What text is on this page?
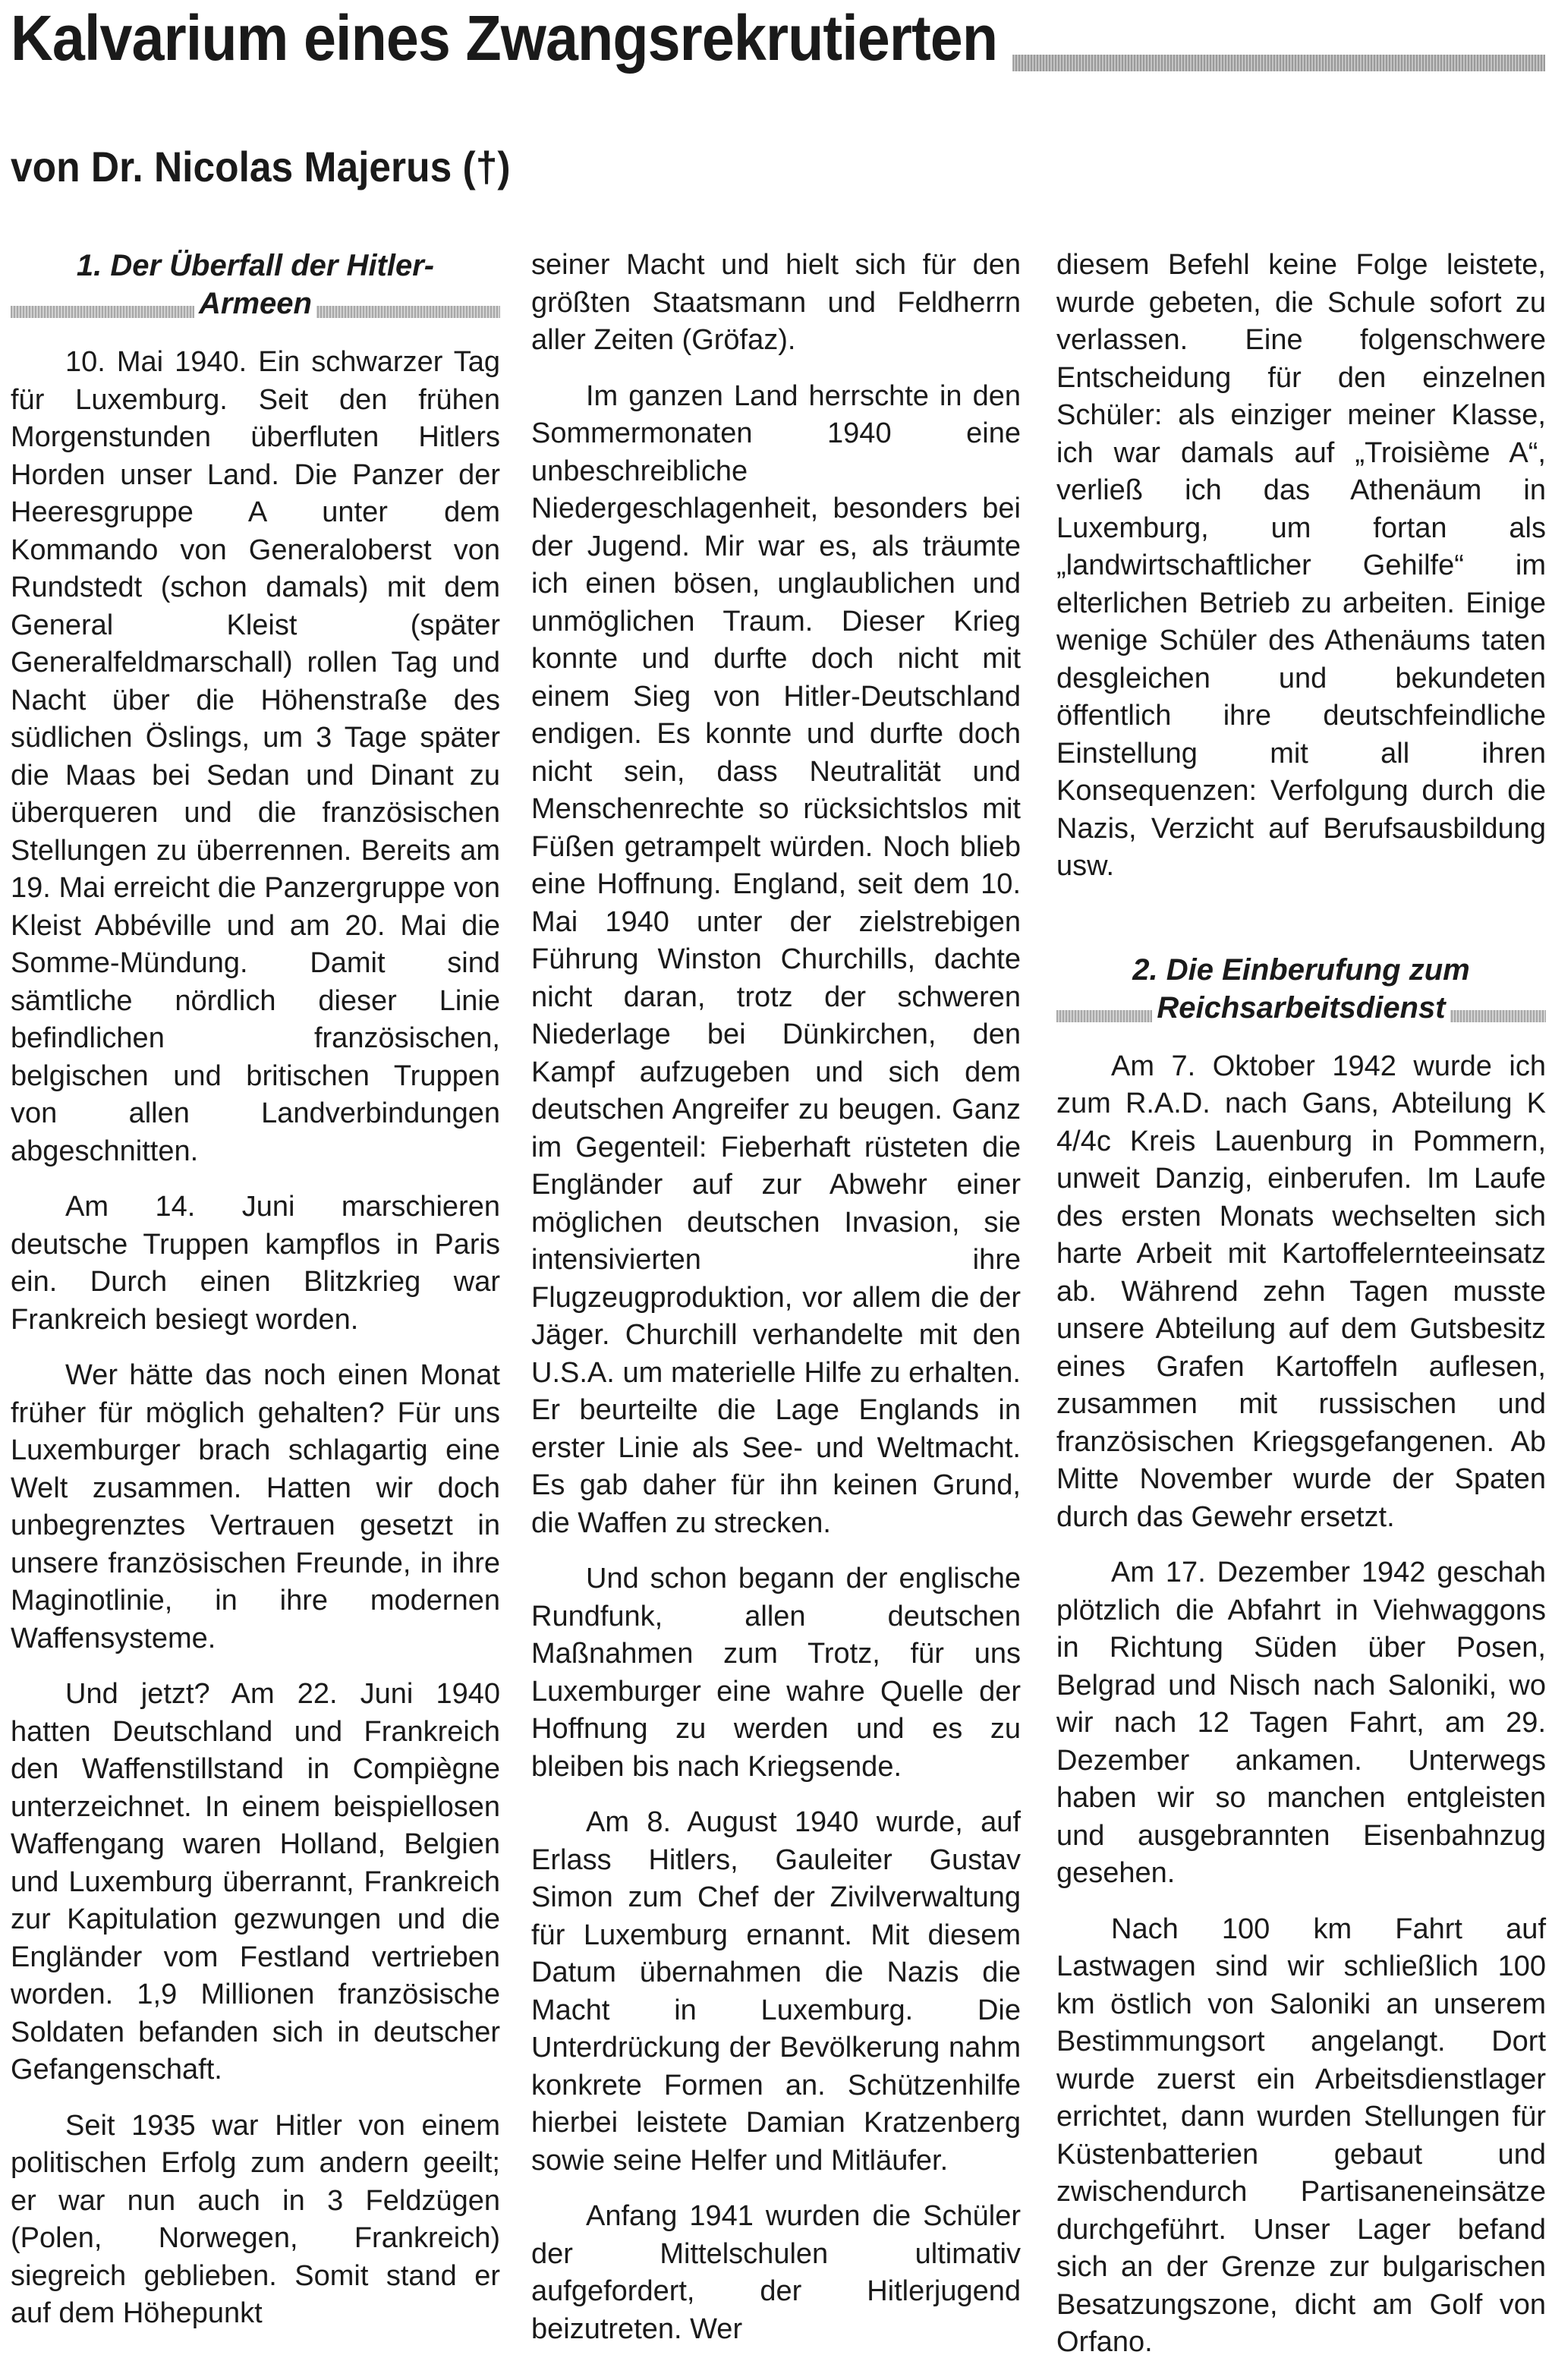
Kalvarium eines Zwangsrekrutierten
von Dr. Nicolas Majerus (†)
1. Der Überfall der Hitler-
Armeen

10. Mai 1940. Ein schwarzer Tag für Luxemburg. Seit den frühen Morgenstunden überfluten Hitlers Horden unser Land. Die Panzer der Heeresgruppe A unter dem Kommando von Generaloberst von Rundstedt (schon damals) mit dem General Kleist (später Generalfeldmarschall) rollen Tag und Nacht über die Höhenstraße des südlichen Öslings, um 3 Tage später die Maas bei Sedan und Dinant zu überqueren und die französischen Stellungen zu überrennen. Bereits am 19. Mai erreicht die Panzergruppe von Kleist Abbéville und am 20. Mai die Somme-Mündung. Damit sind sämtliche nördlich dieser Linie befindlichen französischen, belgischen und britischen Truppen von allen Landverbindungen abgeschnitten.

Am 14. Juni marschieren deutsche Truppen kampflos in Paris ein. Durch einen Blitzkrieg war Frankreich besiegt worden.

Wer hätte das noch einen Monat früher für möglich gehalten? Für uns Luxemburger brach schlagartig eine Welt zusammen. Hatten wir doch unbegrenztes Vertrauen gesetzt in unsere französischen Freunde, in ihre Maginotlinie, in ihre modernen Waffensysteme.

Und jetzt? Am 22. Juni 1940 hatten Deutschland und Frankreich den Waffenstillstand in Compiègne unterzeichnet. In einem beispiellosen Waffengang waren Holland, Belgien und Luxemburg überrannt, Frankreich zur Kapitulation gezwungen und die Engländer vom Festland vertrieben worden. 1,9 Millionen französische Soldaten befanden sich in deutscher Gefangenschaft.

Seit 1935 war Hitler von einem politischen Erfolg zum andern geeilt; er war nun auch in 3 Feldzügen (Polen, Norwegen, Frankreich) siegreich geblieben. Somit stand er auf dem Höhepunkt

seiner Macht und hielt sich für den größten Staatsmann und Feldherrn aller Zeiten (Gröfaz).

Im ganzen Land herrschte in den Sommermonaten 1940 eine unbeschreibliche Niedergeschlagenheit, besonders bei der Jugend. Mir war es, als träumte ich einen bösen, unglaublichen und unmöglichen Traum. Dieser Krieg konnte und durfte doch nicht mit einem Sieg von Hitler-Deutschland endigen. Es konnte und durfte doch nicht sein, dass Neutralität und Menschenrechte so rücksichtslos mit Füßen getrampelt würden. Noch blieb eine Hoffnung. England, seit dem 10. Mai 1940 unter der zielstrebigen Führung Winston Churchills, dachte nicht daran, trotz der schweren Niederlage bei Dünkirchen, den Kampf aufzugeben und sich dem deutschen Angreifer zu beugen. Ganz im Gegenteil: Fieberhaft rüsteten die Engländer auf zur Abwehr einer möglichen deutschen Invasion, sie intensivierten ihre Flugzeugproduktion, vor allem die der Jäger. Churchill verhandelte mit den U.S.A. um materielle Hilfe zu erhalten. Er beurteilte die Lage Englands in erster Linie als See- und Weltmacht. Es gab daher für ihn keinen Grund, die Waffen zu strecken.

Und schon begann der englische Rundfunk, allen deutschen Maßnahmen zum Trotz, für uns Luxemburger eine wahre Quelle der Hoffnung zu werden und es zu bleiben bis nach Kriegsende.

Am 8. August 1940 wurde, auf Erlass Hitlers, Gauleiter Gustav Simon zum Chef der Zivilverwaltung für Luxemburg ernannt. Mit diesem Datum übernahmen die Nazis die Macht in Luxemburg. Die Unterdrückung der Bevölkerung nahm konkrete Formen an. Schützenhilfe hierbei leistete Damian Kratzenberg sowie seine Helfer und Mitläufer.

Anfang 1941 wurden die Schüler der Mittelschulen ultimativ aufgefordert, der Hitlerjugend beizutreten. Wer

diesem Befehl keine Folge leistete, wurde gebeten, die Schule sofort zu verlassen. Eine folgenschwere Entscheidung für den einzelnen Schüler: als einziger meiner Klasse, ich war damals auf „Troisième A“, verließ ich das Athenäum in Luxemburg, um fortan als „landwirtschaftlicher Gehilfe“ im elterlichen Betrieb zu arbeiten. Einige wenige Schüler des Athenäums taten desgleichen und bekundeten öffentlich ihre deutschfeindliche Einstellung mit all ihren Konsequenzen: Verfolgung durch die Nazis, Verzicht auf Berufsausbildung usw.

2. Die Einberufung zum
Reichsarbeitsdienst

Am 7. Oktober 1942 wurde ich zum R.A.D. nach Gans, Abteilung K 4/4c Kreis Lauenburg in Pommern, unweit Danzig, einberufen. Im Laufe des ersten Monats wechselten sich harte Arbeit mit Kartoffelernteeinsatz ab. Während zehn Tagen musste unsere Abteilung auf dem Gutsbesitz eines Grafen Kartoffeln auflesen, zusammen mit russischen und französischen Kriegsgefangenen. Ab Mitte November wurde der Spaten durch das Gewehr ersetzt.

Am 17. Dezember 1942 geschah plötzlich die Abfahrt in Viehwaggons in Richtung Süden über Posen, Belgrad und Nisch nach Saloniki, wo wir nach 12 Tagen Fahrt, am 29. Dezember ankamen. Unterwegs haben wir so manchen entgleisten und ausgebrannten Eisenbahnzug gesehen.

Nach 100 km Fahrt auf Lastwagen sind wir schließlich 100 km östlich von Saloniki an unserem Bestimmungsort angelangt. Dort wurde zuerst ein Arbeitsdienstlager errichtet, dann wurden Stellungen für Küstenbatterien gebaut und zwischendurch Partisaneneinsätze durchgeführt. Unser Lager befand sich an der Grenze zur bulgarischen Besatzungszone, dicht am Golf von Orfano.
